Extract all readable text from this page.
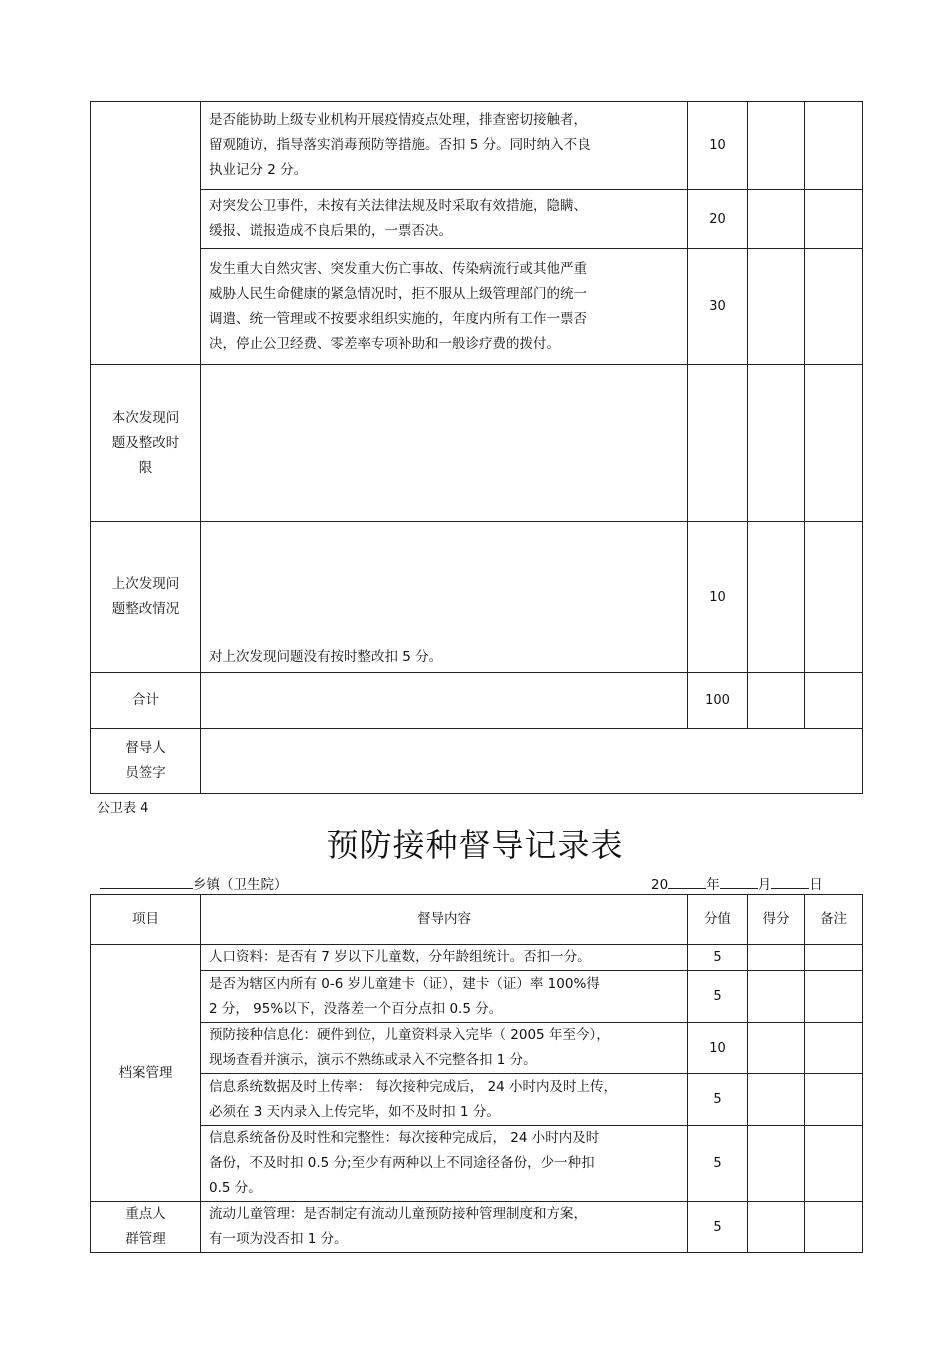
	是否能协助上级专业机构开展疫情疫点处理，排查密切接触者，
留观随访，指导落实消毒预防等措施。否扣 5 分。同时纳入不良
执业记分 2 分。	10		
	对突发公卫事件，未按有关法律法规及时采取有效措施，隐瞒、
缓报、谎报造成不良后果的，一票否决。	20		
	发生重大自然灾害、突发重大伤亡事故、传染病流行或其他严重
威胁人民生命健康的紧急情况时，拒不服从上级管理部门的统一
调遣、统一管理或不按要求组织实施的，年度内所有工作一票否
决，停止公卫经费、零差率专项补助和一般诊疗费的拨付。	30		
本次发现问
题及整改时
限				
上次发现问
题整改情况	对上次发现问题没有按时整改扣 5 分。	10		
合计		100		
督导人
员签字				
公卫表 4
预防接种督导记录表
乡镇（卫生院）	20	年	月	日
项目	督导内容	分值	得分	备注
档案管理	人口资料：是否有 7 岁以下儿童数，分年龄组统计。否扣一分。	5		
	是否为辖区内所有 0-6 岁儿童建卡（证），建卡（证）率 100%得
2 分， 95%以下，没落差一个百分点扣 0.5 分。	5		
	预防接种信息化：硬件到位，儿童资料录入完毕（ 2005 年至今），
现场查看并演示，演示不熟练或录入不完整各扣 1 分。	10		
	信息系统数据及时上传率： 每次接种完成后， 24 小时内及时上传，
必须在 3 天内录入上传完毕，如不及时扣 1 分。	5		
	信息系统备份及时性和完整性：每次接种完成后， 24 小时内及时
备份，不及时扣 0.5 分;至少有两种以上不同途径备份，少一种扣
0.5 分。	5		
重点人
群管理	流动儿童管理：是否制定有流动儿童预防接种管理制度和方案，
有一项为没否扣 1 分。	5		
